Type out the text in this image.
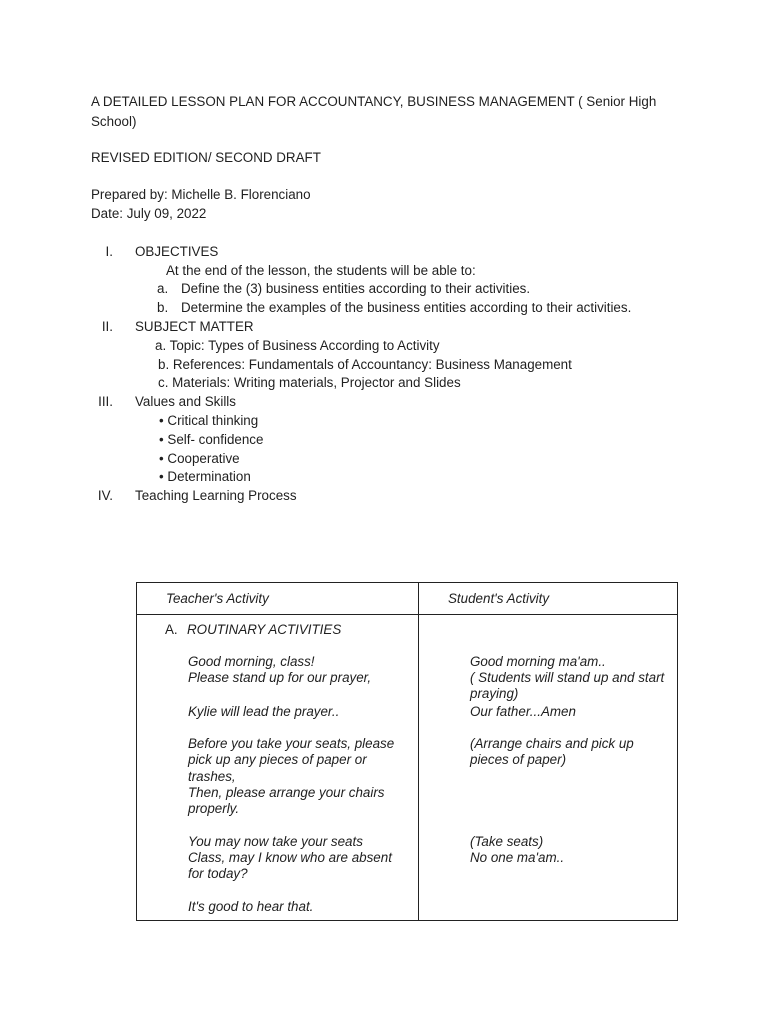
A DETAILED LESSON PLAN FOR ACCOUNTANCY, BUSINESS MANAGEMENT ( Senior High School)
REVISED EDITION/ SECOND DRAFT
Prepared by: Michelle B. Florenciano
Date: July 09, 2022
I. OBJECTIVES
At the end of the lesson, the students will be able to:
a. Define the (3) business entities according to their activities.
b. Determine the examples of the business entities according to their activities.
II. SUBJECT MATTER
a. Topic: Types of Business According to Activity
b. References: Fundamentals of Accountancy: Business Management
c. Materials: Writing materials, Projector and Slides
III. Values and Skills
• Critical thinking
• Self- confidence
• Cooperative
• Determination
IV. Teaching Learning Process
Teacher's Activity	Student's Activity
A. ROUTINARY ACTIVITIES
Good morning, class!
Please stand up for our prayer,
Kylie will lead the prayer..
Before you take your seats, please pick up any pieces of paper or trashes,
Then, please arrange your chairs properly.
You may now take your seats
Class, may I know who are absent for today?
It's good to hear that.
Good morning ma'am..
( Students will stand up and start praying)
Our father...Amen
(Arrange chairs and pick up pieces of paper)
(Take seats)
No one ma'am..
